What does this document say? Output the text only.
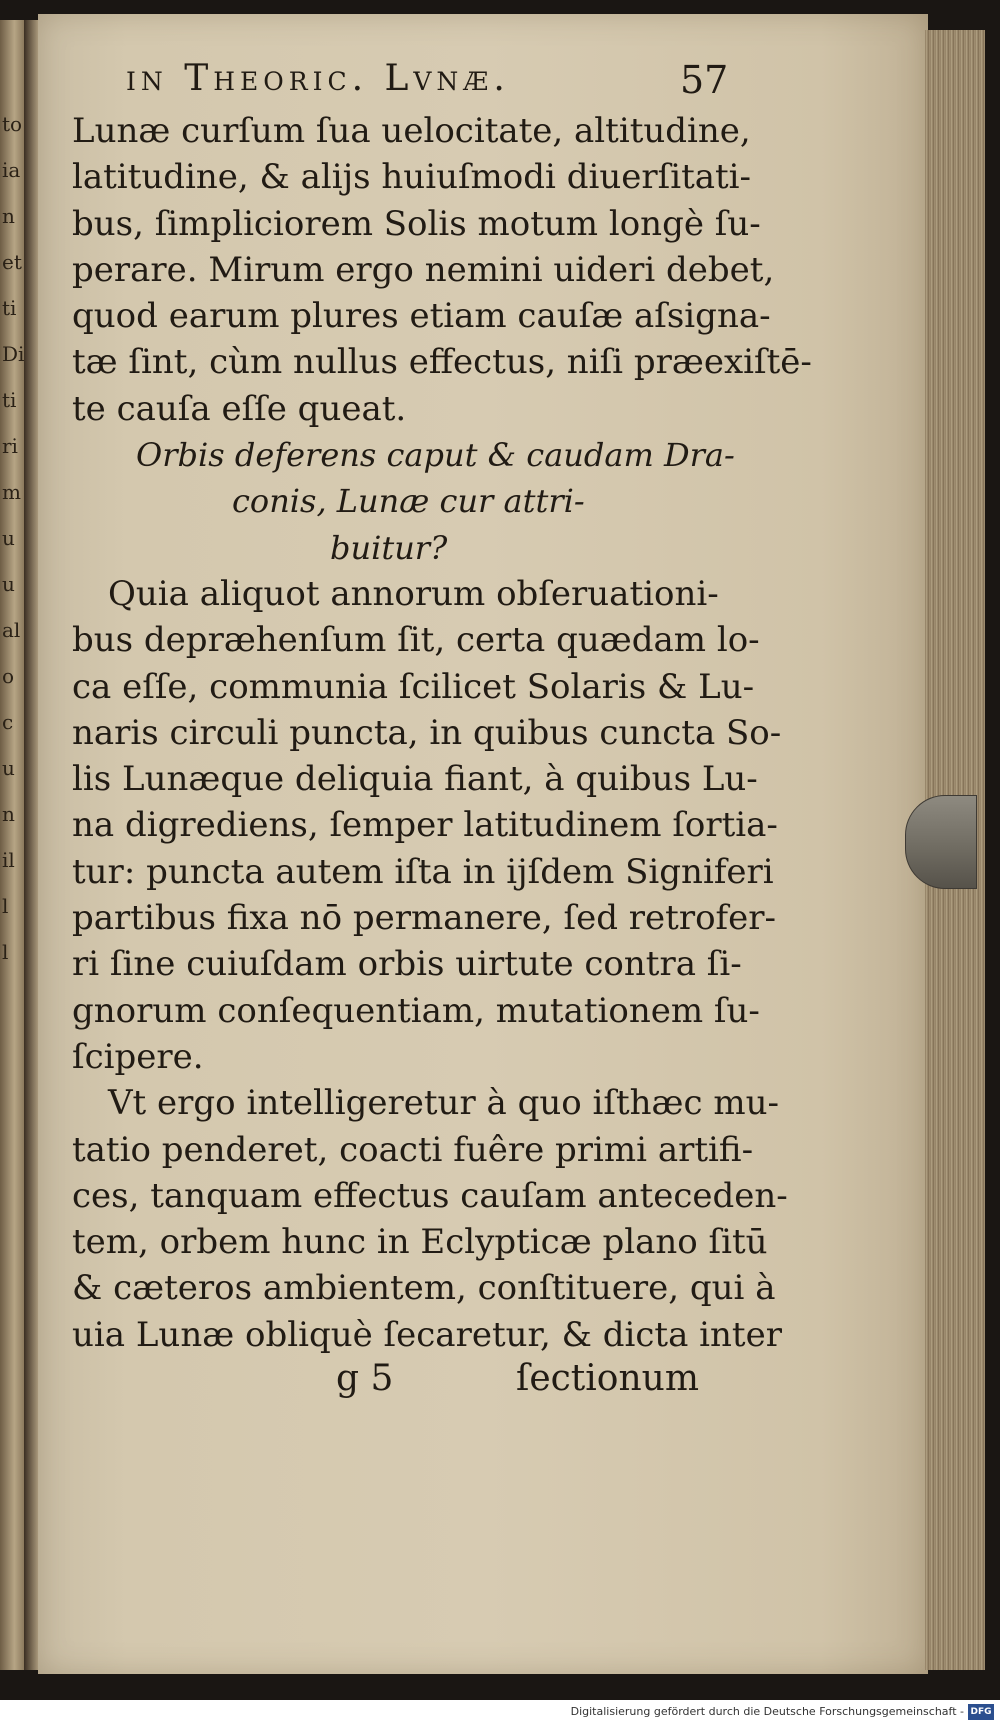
to
ia
n
et
ti
Di
ti
ri
m
u
u
al
o
c
u
n
il
l
l
in Theoric. Lvnæ.	57
Lunæ curſum ſua uelocitate, altitudine,
latitudine, & alijs huiuſmodi diuerſitati-
bus, ſimpliciorem Solis motum longè ſu-
perare. Mirum ergo nemini uideri debet,
quod earum plures etiam cauſæ aſsigna-
tæ ſint, cùm nullus effectus, niſi præexiſtē-
te cauſa eſſe queat.
Orbis deferens caput & caudam Dra-
conis, Lunæ cur attri-
buitur?
Quia aliquot annorum obſeruationi-
bus depræhenſum ſit, certa quædam lo-
ca eſſe, communia ſcilicet Solaris & Lu-
naris circuli puncta, in quibus cuncta So-
lis Lunæque deliquia fiant, à quibus Lu-
na digrediens, ſemper latitudinem ſortia-
tur: puncta autem iſta in ijſdem Signiferi
partibus fixa nō permanere, ſed retrofer-
ri ſine cuiuſdam orbis uirtute contra ſi-
gnorum conſequentiam, mutationem ſu-
ſcipere.
Vt ergo intelligeretur à quo iſthæc mu-
tatio penderet, coacti fuêre primi artifi-
ces, tanquam effectus cauſam anteceden-
tem, orbem hunc in Eclypticæ plano ſitū
& cæteros ambientem, conſtituere, qui à
uia Lunæ obliquè ſecaretur, & dicta inter
g 5	ſectionum
Digitalisierung gefördert durch die Deutsche Forschungsgemeinschaft - DFG
